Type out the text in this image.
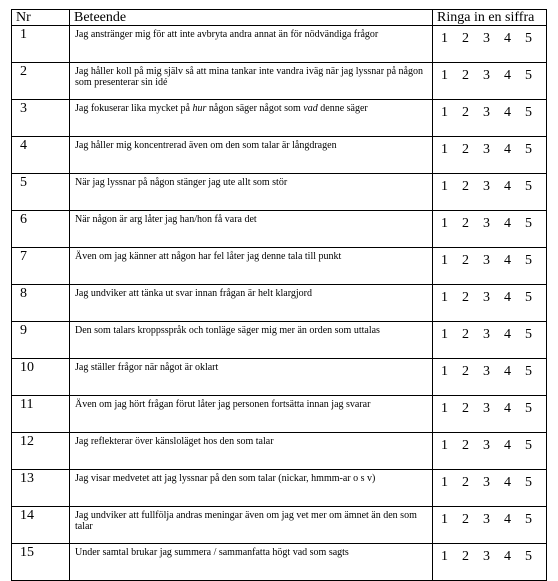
Nr	Beteende	Ringa in en siffra
1	Jag anstränger mig för att inte avbryta andra annat än för nödvändiga frågor	1 2 3 4 5
2	Jag håller koll på mig själv så att mina tankar inte vandra iväg när jag lyssnar på någon som presenterar sin idé	1 2 3 4 5
3	Jag fokuserar lika mycket på hur någon säger något som vad denne säger	1 2 3 4 5
4	Jag håller mig koncentrerad även om den som talar är långdragen	1 2 3 4 5
5	När jag lyssnar på någon stänger jag ute allt som stör	1 2 3 4 5
6	När någon är arg låter jag han/hon få vara det	1 2 3 4 5
7	Även om jag känner att någon har fel låter jag denne tala till punkt	1 2 3 4 5
8	Jag undviker att tänka ut svar innan frågan är helt klargjord	1 2 3 4 5
9	Den som talars kroppsspråk och tonläge säger mig mer än orden som uttalas	1 2 3 4 5
10	Jag ställer frågor när något är oklart	1 2 3 4 5
11	Även om jag hört frågan förut låter jag personen fortsätta innan jag svarar	1 2 3 4 5
12	Jag reflekterar över känsloläget hos den som talar	1 2 3 4 5
13	Jag visar medvetet att jag lyssnar på den som talar (nickar, hmmm-ar o s v)	1 2 3 4 5
14	Jag undviker att fullfölja andras meningar även om jag vet mer om ämnet än den som talar	1 2 3 4 5
15	Under samtal brukar jag summera / sammanfatta högt vad som sagts	1 2 3 4 5
